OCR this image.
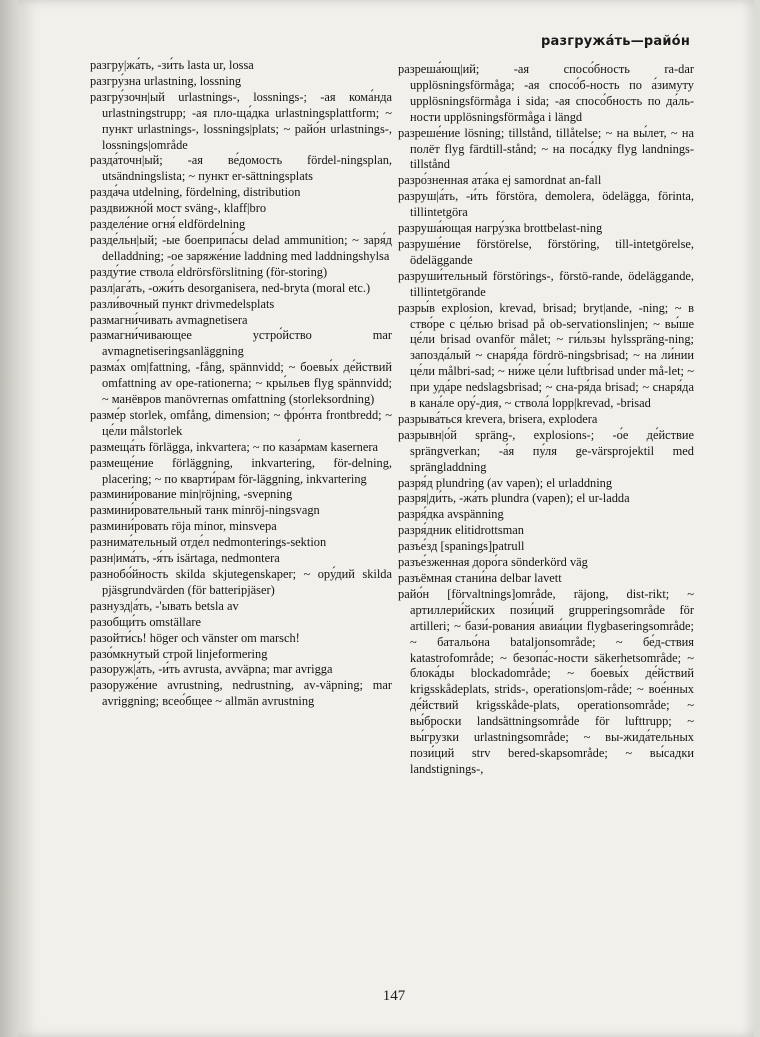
разгружа́ть—райо́н

разгру|жа́ть, -зи́ть lasta ur, lossa

разгру́зна urlastning, lossning

разгру́зочн|ый urlastnings-, lossnings-; -ая кома́нда urlastningstrupp; -ая пло-ща́дка urlastningsplattform; ~ пункт urlastnings-, lossnings|plats; ~ райо́н urlastnings-, lossnings|område

разда́точн|ый; -ая ве́домость fördel-ningsplan, utsändningslista; ~ пункт er-sättningsplats

разда́ча utdelning, fördelning, distribution

раздвижно́й мост sväng-, klaff|bro

разделе́ние огня́ eldfördelning

разде́льн|ый; -ые боеприпа́сы delad ammunition; ~ заря́д delladdning; -ое заряже́ние laddning med laddningshylsa

разду́тие ствола́ eldrörsförslitning (för-storing)

разл|ага́ть, -ожи́ть desorganisera, ned-bryta (moral etc.)

разли́вочный пункт drivmedelsplats

размагни́чивать avmagnetisera

размагни́чивающее устро́йство mar avmagnetiseringsanläggning

разма́х om|fattning, -fång, spännvidd; ~ боевы́х де́йствий omfattning av ope-rationerna; ~ кры́льев flyg spännvidd; ~ манёвров manövrernas omfattning (storleksordning)

разме́р storlek, omfång, dimension; ~ фро́нта frontbredd; ~ це́ли målstorlek

размеща́ть förlägga, inkvartera; ~ по каза́рмам kasernera

размеще́ние förläggning, inkvartering, för-delning, placering; ~ по кварти́рам för-läggning, inkvartering

размини́рование min|röjning, -svepning

размини́ровательный танк minröj-ningsvagn

размини́ровать röja minor, minsvepa

разнима́тельный отде́л nedmonterings-sektion

разн|има́ть, -я́ть isärtaga, nedmontera

разнобо́йность skilda skjutegenskaper; ~ ору́дий skilda pjäsgrundvärden (för batteripjäser)

разнузд|а́ть, -'ывать betsla av

разобщи́ть omställare

разойти́сь! höger och vänster om marsch!

разо́мкнутый строй linjeformering

разоруж|а́ть, -и́ть avrusta, avväpna; mar avrigga

разоруже́ние avrustning, nedrustning, av-väpning; mar avriggning; всео́бщее ~ allmän avrustning

разреша́ющ|ий; -ая спосо́бность ra-dar upplösningsförmåga; -ая спосо́б-ность по а́зимуту upplösningsförmåga i sida; -ая спосо́бность по да́ль-ности upplösningsförmåga i längd

разреше́ние lösning; tillstånd, tillåtelse; ~ на вы́лет, ~ на полёт flyg färdtill-stånd; ~ на поса́дку flyg landnings-tillstånd

разро́зненная ата́ка ej samordnat an-fall

разруш|а́ть, -и́ть förstöra, demolera, ödelägga, förinta, tillintetgöra

разруша́ющая нагру́зка brottbelast-ning

разруше́ние förstörelse, förstöring, till-intetgörelse, ödeläggande

разруши́тельный förstörings-, förstö-rande, ödeläggande, tillintetgörande

разры́в explosion, krevad, brisad; bryt|ande, -ning; ~ в ство́ре с це́лью brisad på ob-servationslinjen; ~ вы́ше це́ли brisad ovanför målet; ~ ги́льзы hylsspräng-ning; запозда́лый ~ снаря́да fördrö-ningsbrisad; ~ на ли́нии це́ли målbri-sad; ~ ни́же це́ли luftbrisad under må-let; ~ при уда́ре nedslagsbrisad; ~ сна-ря́да brisad; ~ снаря́да в кана́ле ору́-дия, ~ ствола́ lopp|krevad, -brisad

разрыва́ться krevera, brisera, explodera

разрывн|о́й spräng-, explosions-; -о́е де́йствие sprängverkan; -а́я пу́ля ge-värsprojektil med sprängladdning

разря́д plundring (av vapen); el urladdning

разря|ди́ть, -жа́ть plundra (vapen); el ur-ladda

разря́дка avspänning

разря́дник elitidrottsman

разъе́зд [spanings]patrull

разъе́зженная доро́га sönderkörd väg

разъёмная стани́на delbar lavett

райо́н [förvaltnings]område, räjong, dist-rikt; ~ артиллери́йских пози́ций grupperingsområde för artilleri; ~ бази́-рования авиа́ции flygbaseringsområde; ~ батальо́на bataljonsområde; ~ бе́д-ствия katastrofområde; ~ безопа́с-ности säkerhetsområde; ~ блока́ды blockadområde; ~ боевы́х де́йствий krigsskådeplats, strids-, operations|om-råde; ~ вое́нных де́йствий krigsskåde-plats, operationsområde; ~ вы́броски landsättningsområde för lufttrupp; ~ вы́грузки urlastningsområde; ~ вы-жида́тельных пози́ций strv bered-skapsområde; ~ вы́садки landstignings-,

147
